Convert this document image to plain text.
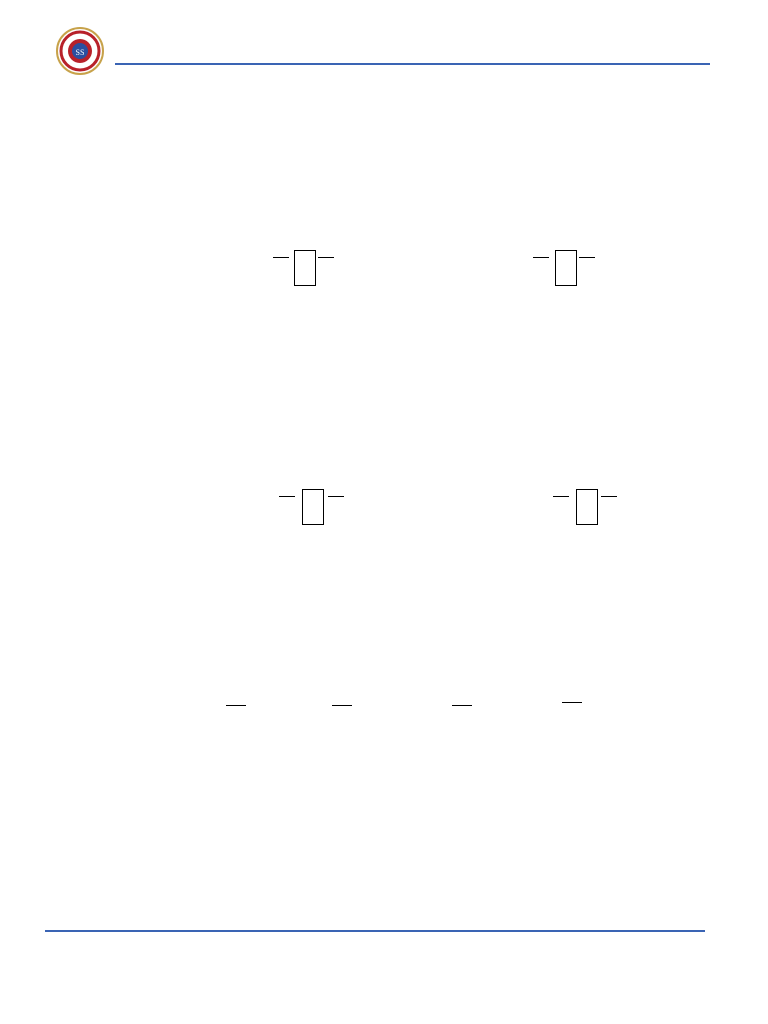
SS
